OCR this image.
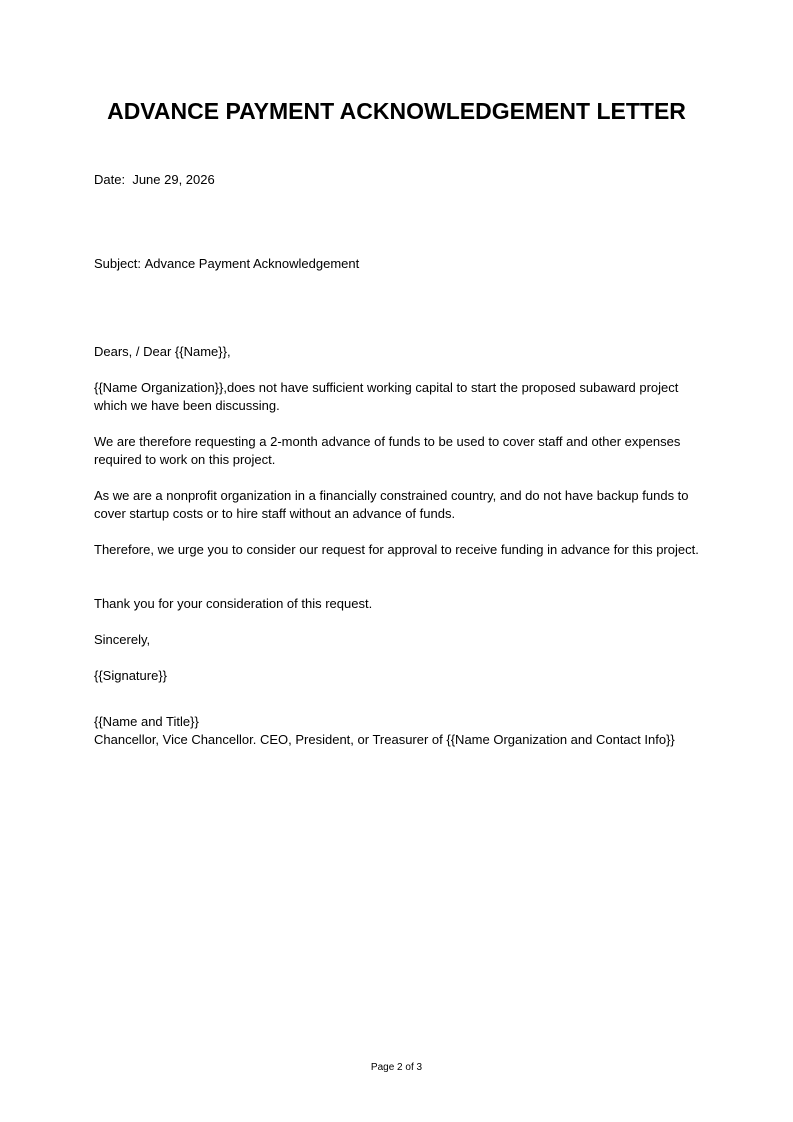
ADVANCE PAYMENT ACKNOWLEDGEMENT LETTER

Date: June 29, 2026

Subject: Advance Payment Acknowledgement

Dears, / Dear {{Name}},

{{Name Organization}},does not have sufficient working capital to start the proposed subaward project which we have been discussing.

We are therefore requesting a 2-month advance of funds to be used to cover staff and other expenses required to work on this project.

As we are a nonprofit organization in a financially constrained country, and do not have backup funds to cover startup costs or to hire staff without an advance of funds.

Therefore, we urge you to consider our request for approval to receive funding in advance for this project.

Thank you for your consideration of this request.

Sincerely,

{{Signature}}

{{Name and Title}}

Chancellor, Vice Chancellor. CEO, President, or Treasurer of {{Name Organization and Contact Info}}

Page 2 of 3
